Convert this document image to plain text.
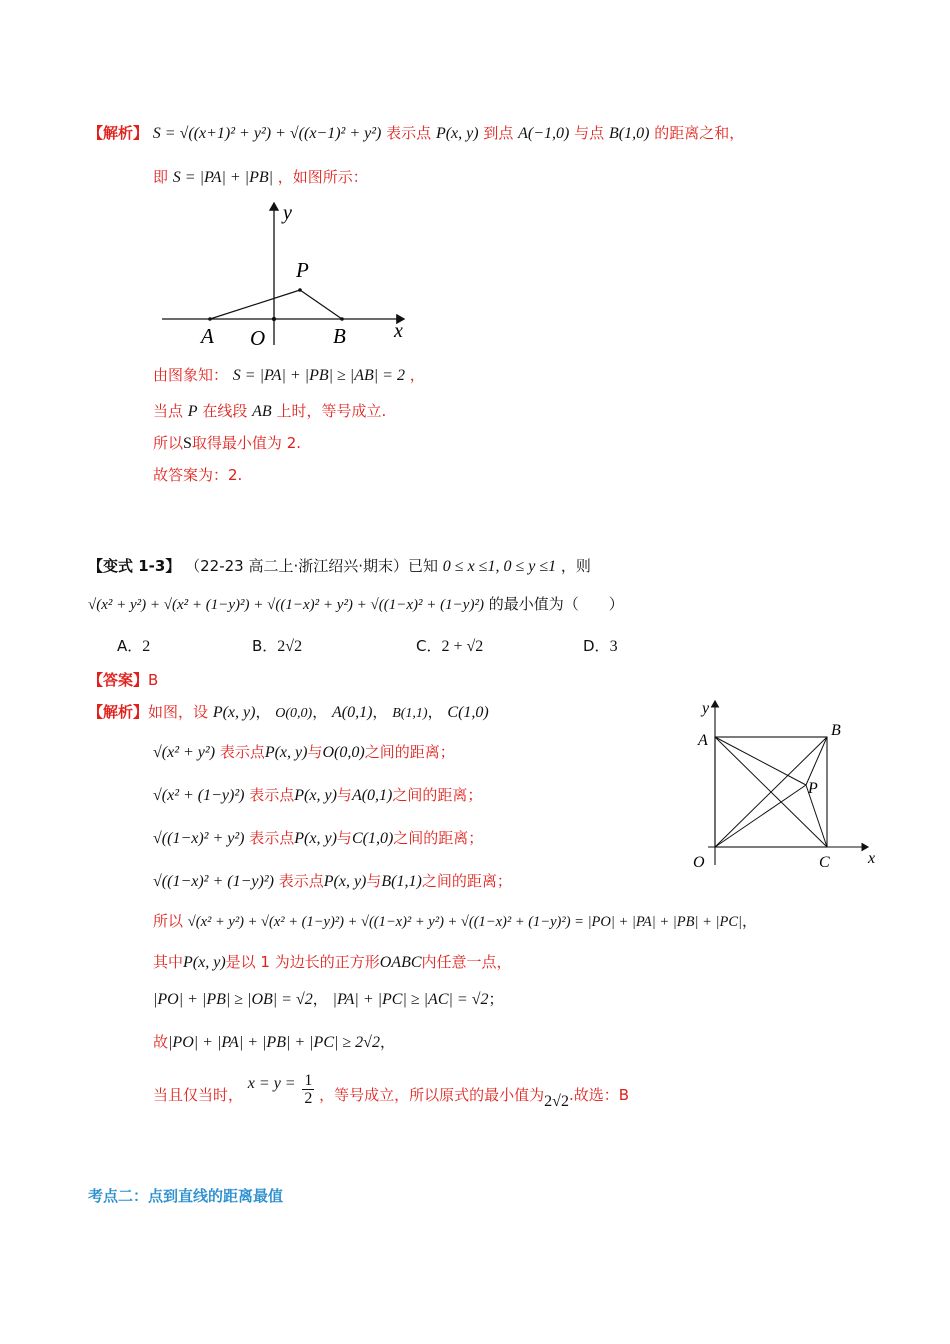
【解析】 S = √((x+1)² + y²) + √((x−1)² + y²) 表示点 P(x, y) 到点 A(−1,0) 与点 B(1,0) 的距离之和，
即 S = |PA| + |PB| ，如图所示：
y
x
P
A O	B
由图象知： S = |PA| + |PB| ≥ |AB| = 2 ，
当点 P 在线段 AB 上时，等号成立.
所以S取得最小值为 2.
故答案为：2.
【变式 1-3】 （22-23 高二上·浙江绍兴·期末）已知 0 ≤ x ≤1, 0 ≤ y ≤1 ，则
√(x² + y²) + √(x² + (1−y)²) + √((1−x)² + y²) + √((1−x)² + (1−y)²) 的最小值为（　　）
A．2	B．2√2	C．2 + √2	D．3
【答案】B
【解析】如图，设 P(x, y)， O(0,0)， A(0,1)， B(1,1)， C(1,0)
√(x² + y²) 表示点P(x, y)与O(0,0)之间的距离；
√(x² + (1−y)²) 表示点P(x, y)与A(0,1)之间的距离；
√((1−x)² + y²) 表示点P(x, y)与C(1,0)之间的距离；
√((1−x)² + (1−y)²) 表示点P(x, y)与B(1,1)之间的距离；
y
x
A
B
P
O	C
所以 √(x² + y²) + √(x² + (1−y)²) + √((1−x)² + y²) + √((1−x)² + (1−y)²) = |PO| + |PA| + |PB| + |PC|，
其中P(x, y)是以 1 为边长的正方形OABC内任意一点，
|PO| + |PB| ≥ |OB| = √2， |PA| + |PC| ≥ |AC| = √2；
故|PO| + |PA| + |PB| + |PC| ≥ 2√2，
当且仅当时， $x = y = \frac{1}{2}$ ，等号成立，所以原式的最小值为2√2.故选：B
考点二：点到直线的距离最值
